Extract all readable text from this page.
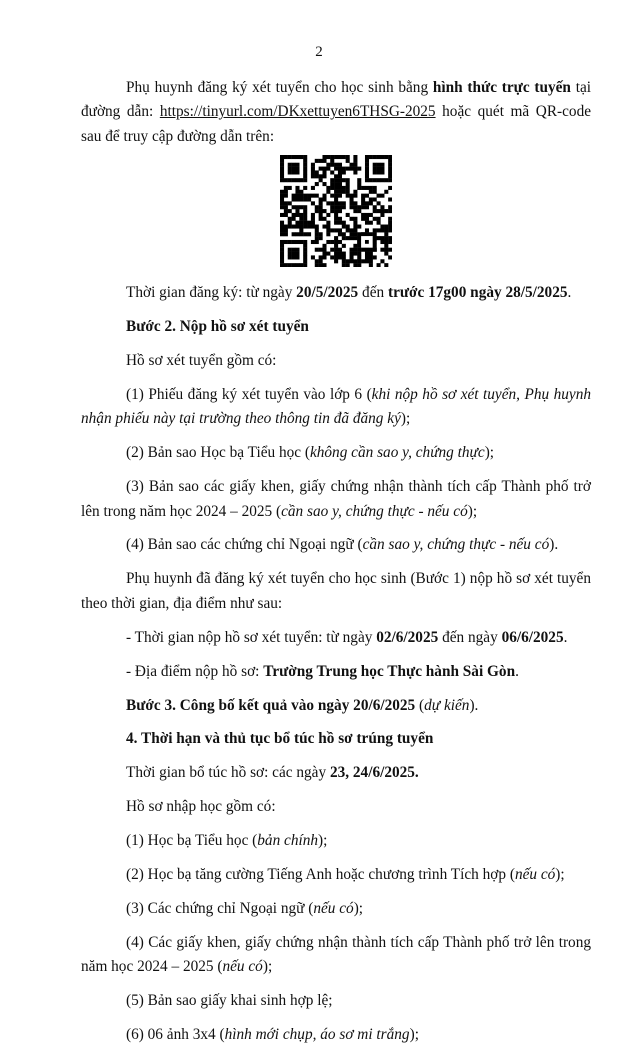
2

Phụ huynh đăng ký xét tuyển cho học sinh bằng hình thức trực tuyến tại đường dẫn: https://tinyurl.com/DKxettuyen6THSG-2025 hoặc quét mã QR-code sau để truy cập đường dẫn trên:

Thời gian đăng ký: từ ngày 20/5/2025 đến trước 17g00 ngày 28/5/2025.

Bước 2. Nộp hồ sơ xét tuyển

Hồ sơ xét tuyển gồm có:

(1) Phiếu đăng ký xét tuyển vào lớp 6 (khi nộp hồ sơ xét tuyển, Phụ huynh nhận phiếu này tại trường theo thông tin đã đăng ký);

(2) Bản sao Học bạ Tiểu học (không cần sao y, chứng thực);

(3) Bản sao các giấy khen, giấy chứng nhận thành tích cấp Thành phố trở lên trong năm học 2024 – 2025 (cần sao y, chứng thực - nếu có);

(4) Bản sao các chứng chỉ Ngoại ngữ (cần sao y, chứng thực - nếu có).

Phụ huynh đã đăng ký xét tuyển cho học sinh (Bước 1) nộp hồ sơ xét tuyển theo thời gian, địa điểm như sau:

- Thời gian nộp hồ sơ xét tuyển: từ ngày 02/6/2025 đến ngày 06/6/2025.

- Địa điểm nộp hồ sơ: Trường Trung học Thực hành Sài Gòn.

Bước 3. Công bố kết quả vào ngày 20/6/2025 (dự kiến).

4. Thời hạn và thủ tục bổ túc hồ sơ trúng tuyển

Thời gian bổ túc hồ sơ: các ngày 23, 24/6/2025.

Hồ sơ nhập học gồm có:

(1) Học bạ Tiểu học (bản chính);

(2) Học bạ tăng cường Tiếng Anh hoặc chương trình Tích hợp (nếu có);

(3) Các chứng chỉ Ngoại ngữ (nếu có);

(4) Các giấy khen, giấy chứng nhận thành tích cấp Thành phố trở lên trong năm học 2024 – 2025 (nếu có);

(5) Bản sao giấy khai sinh hợp lệ;

(6) 06 ảnh 3x4 (hình mới chụp, áo sơ mi trắng);
